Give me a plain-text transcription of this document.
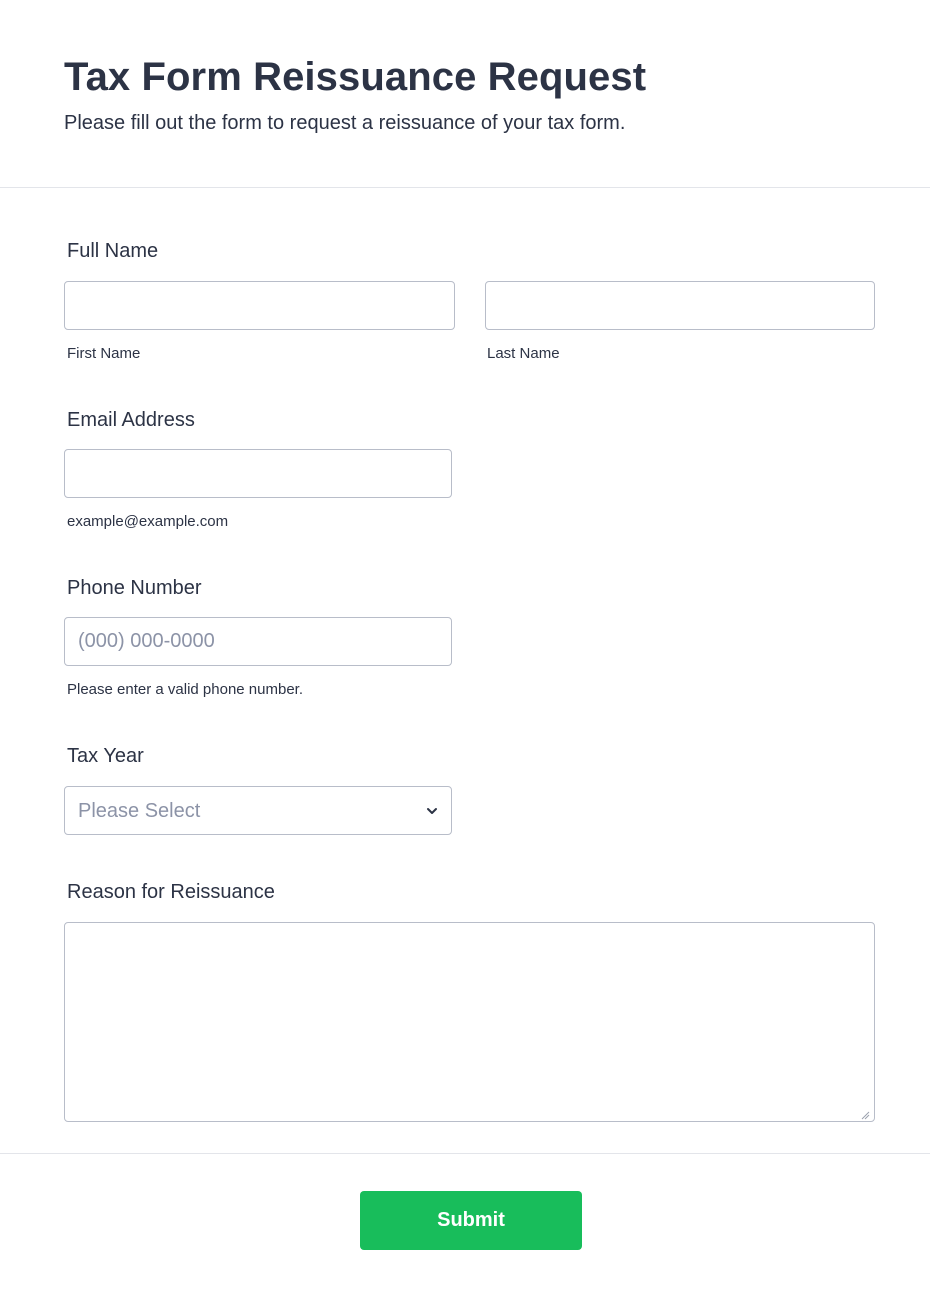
Tax Form Reissuance Request

Please fill out the form to request a reissuance of your tax form.

Full Name
First Name	Last Name
Email Address
example@example.com
Phone Number
(000) 000-0000
Please enter a valid phone number.
Tax Year
Please Select
Reason for Reissuance
Submit
